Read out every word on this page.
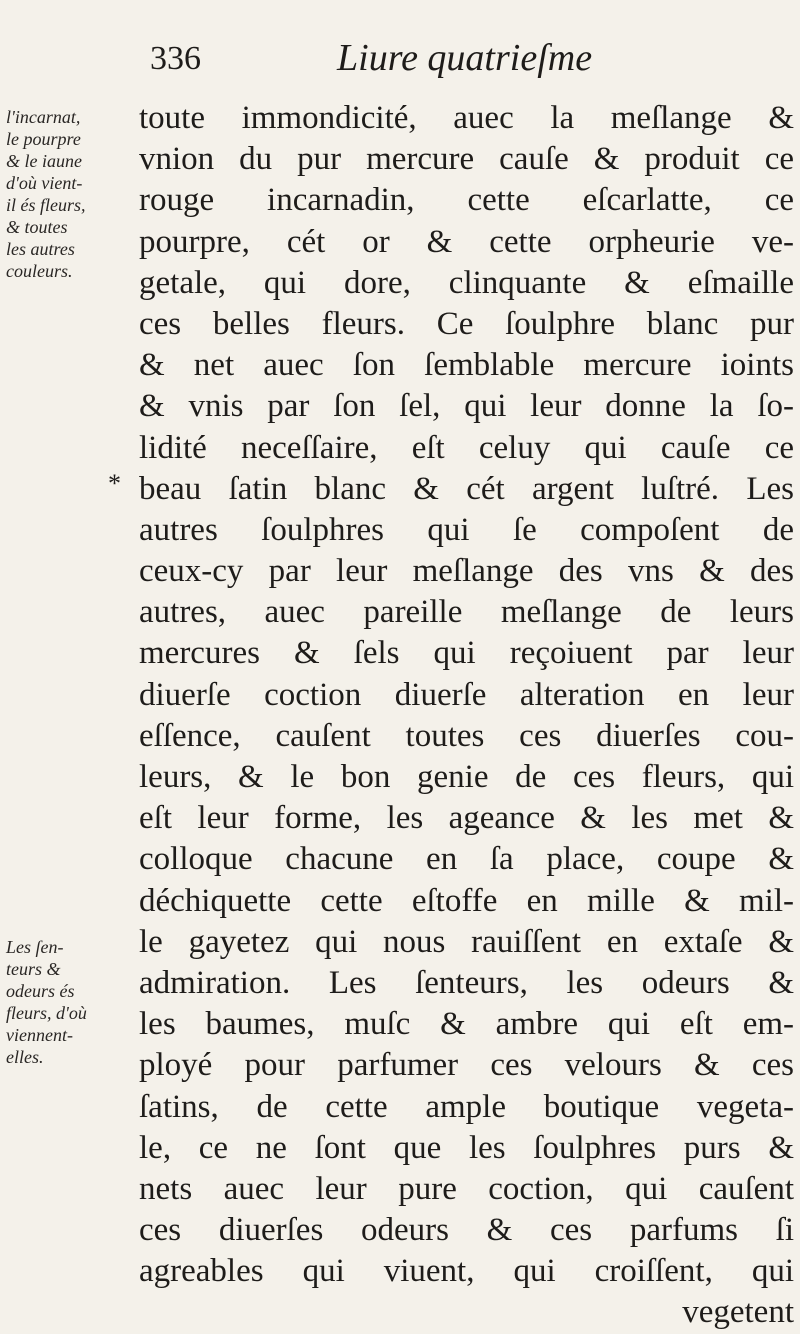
336	Liure quatrieſme
l'incarnat,
le pourpre
& le iaune
d'où vient-
il és fleurs,
& toutes
les autres
couleurs.
Les ſen-
teurs &
odeurs és
fleurs, d'où
viennent-
elles.
*
toute immondicité, auec la meſlange &
vnion du pur mercure cauſe & produit ce
rouge incarnadin, cette eſcarlatte, ce
pourpre, cét or & cette orpheurie ve-
getale, qui dore, clinquante & eſmaille
ces belles fleurs. Ce ſoulphre blanc pur
& net auec ſon ſemblable mercure ioints
& vnis par ſon ſel, qui leur donne la ſo-
lidité neceſſaire, eſt celuy qui cauſe ce
beau ſatin blanc & cét argent luſtré. Les
autres ſoulphres qui ſe compoſent de
ceux-cy par leur meſlange des vns & des
autres, auec pareille meſlange de leurs
mercures & ſels qui reçoiuent par leur
diuerſe coction diuerſe alteration en leur
eſſence, cauſent toutes ces diuerſes cou-
leurs, & le bon genie de ces fleurs, qui
eſt leur forme, les ageance & les met &
colloque chacune en ſa place, coupe &
déchiquette cette eſtoffe en mille & mil-
le gayetez qui nous rauiſſent en extaſe &
admiration. Les ſenteurs, les odeurs &
les baumes, muſc & ambre qui eſt em-
ployé pour parfumer ces velours & ces
ſatins, de cette ample boutique vegeta-
le, ce ne ſont que les ſoulphres purs &
nets auec leur pure coction, qui cauſent
ces diuerſes odeurs & ces parfums ſi
agreables qui viuent, qui croiſſent, qui
vegetent
